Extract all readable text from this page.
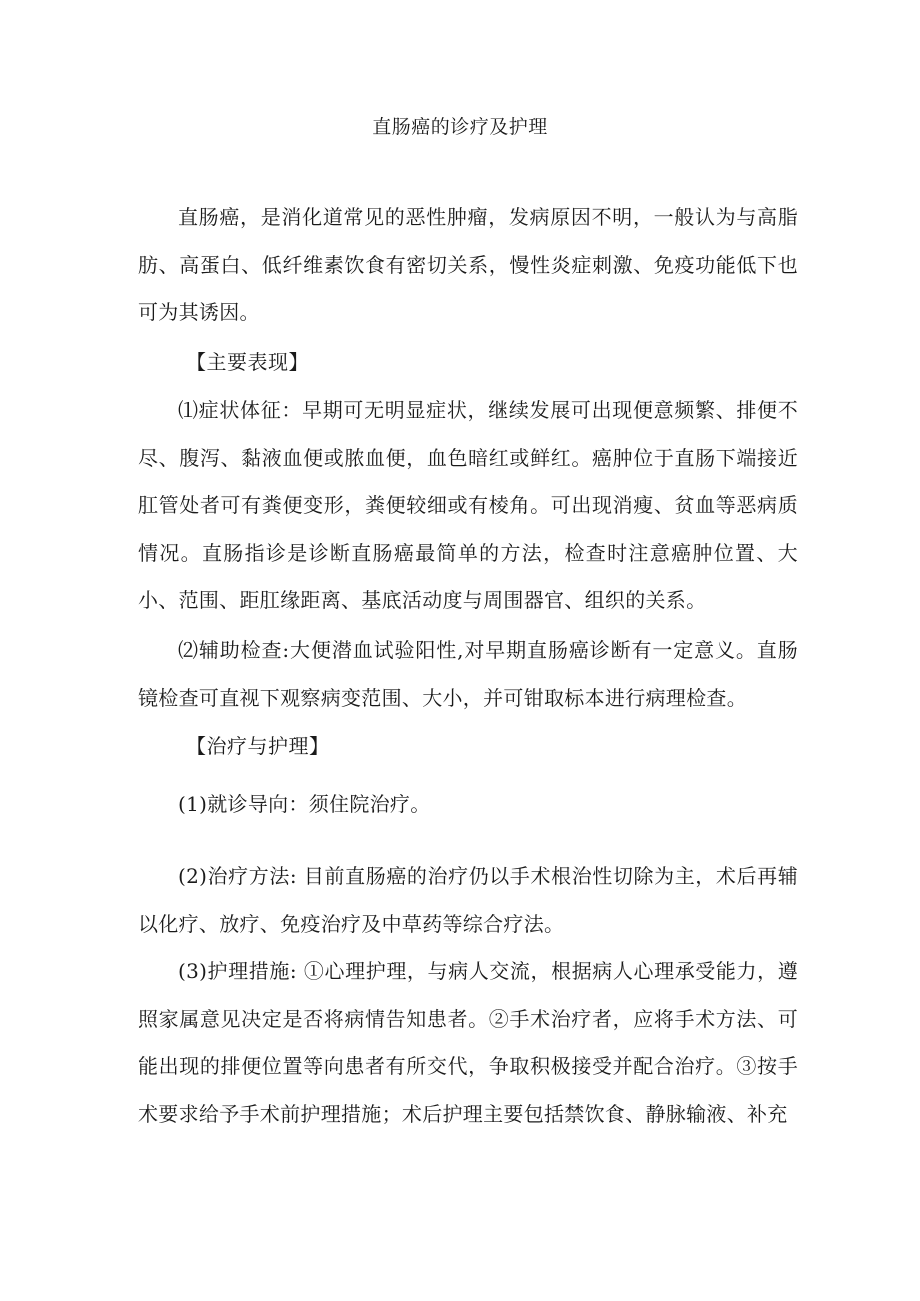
直肠癌的诊疗及护理

直肠癌，是消化道常见的恶性肿瘤，发病原因不明，一般认为与高脂肪、高蛋白、低纤维素饮食有密切关系，慢性炎症刺激、免疫功能低下也可为其诱因。

【主要表现】

⑴症状体征：早期可无明显症状，继续发展可出现便意频繁、排便不尽、腹泻、黏液血便或脓血便，血色暗红或鲜红。癌肿位于直肠下端接近肛管处者可有粪便变形，粪便较细或有棱角。可出现消瘦、贫血等恶病质情况。直肠指诊是诊断直肠癌最简单的方法，检查时注意癌肿位置、大小、范围、距肛缘距离、基底活动度与周围器官、组织的关系。

⑵辅助检查:大便潜血试验阳性,对早期直肠癌诊断有一定意义。直肠镜检查可直视下观察病变范围、大小，并可钳取标本进行病理检查。

【治疗与护理】

(1)就诊导向：须住院治疗。

(2)治疗方法: 目前直肠癌的治疗仍以手术根治性切除为主，术后再辅以化疗、放疗、免疫治疗及中草药等综合疗法。

(3)护理措施: ①心理护理，与病人交流，根据病人心理承受能力，遵照家属意见决定是否将病情告知患者。②手术治疗者，应将手术方法、可能出现的排便位置等向患者有所交代，争取积极接受并配合治疗。③按手术要求给予手术前护理措施；术后护理主要包括禁饮食、静脉输液、补充
